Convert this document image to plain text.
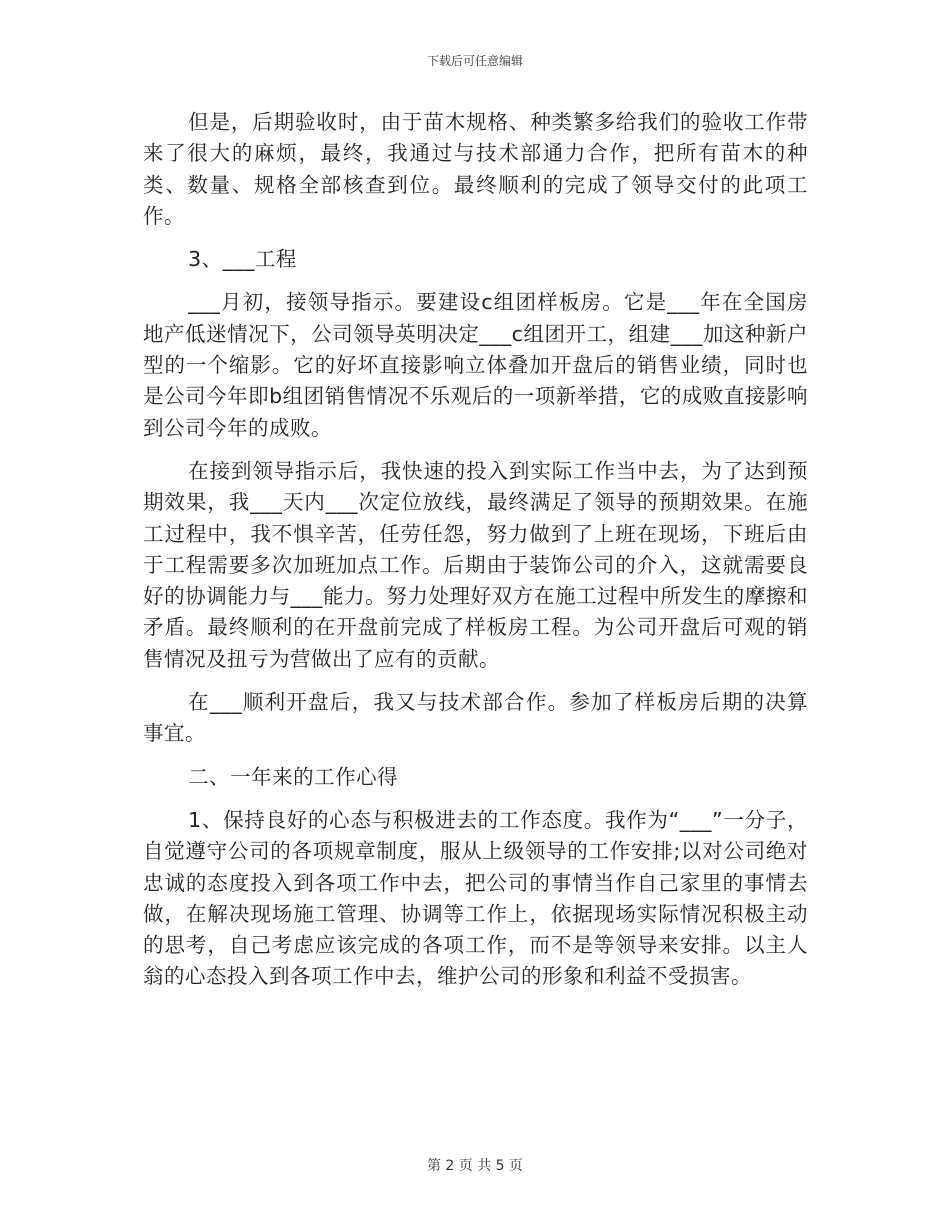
下载后可任意编辑

但是，后期验收时，由于苗木规格、种类繁多给我们的验收工作带来了很大的麻烦，最终，我通过与技术部通力合作，把所有苗木的种类、数量、规格全部核查到位。最终顺利的完成了领导交付的此项工作。

3、___工程

___月初，接领导指示。要建设c组团样板房。它是___年在全国房地产低迷情况下，公司领导英明决定___c组团开工，组建___加这种新户型的一个缩影。它的好坏直接影响立体叠加开盘后的销售业绩，同时也是公司今年即b组团销售情况不乐观后的一项新举措，它的成败直接影响到公司今年的成败。

在接到领导指示后，我快速的投入到实际工作当中去，为了达到预期效果，我___天内___次定位放线，最终满足了领导的预期效果。在施工过程中，我不惧辛苦，任劳任怨，努力做到了上班在现场，下班后由于工程需要多次加班加点工作。后期由于装饰公司的介入，这就需要良好的协调能力与___能力。努力处理好双方在施工过程中所发生的摩擦和矛盾。最终顺利的在开盘前完成了样板房工程。为公司开盘后可观的销售情况及扭亏为营做出了应有的贡献。

在___顺利开盘后，我又与技术部合作。参加了样板房后期的决算事宜。

二、一年来的工作心得

1、保持良好的心态与积极进去的工作态度。我作为“___”一分子，自觉遵守公司的各项规章制度，服从上级领导的工作安排;以对公司绝对忠诚的态度投入到各项工作中去，把公司的事情当作自己家里的事情去做，在解决现场施工管理、协调等工作上，依据现场实际情况积极主动的思考，自己考虑应该完成的各项工作，而不是等领导来安排。以主人翁的心态投入到各项工作中去，维护公司的形象和利益不受损害。

第 2 页 共 5 页
